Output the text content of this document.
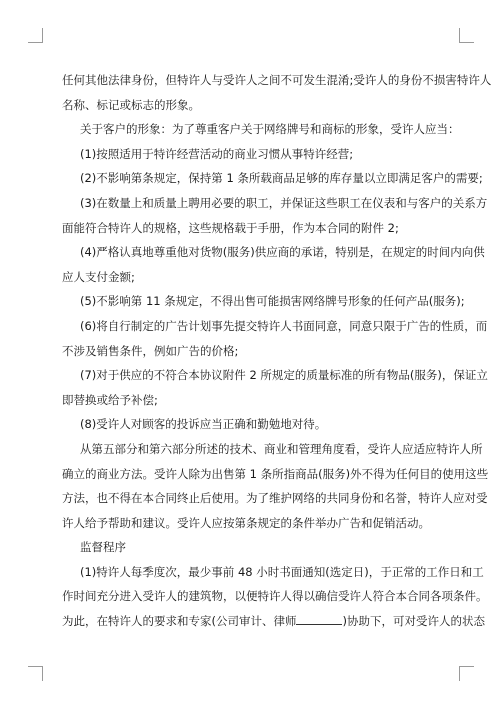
任何其他法律身份，但特许人与受许人之间不可发生混淆;受许人的身份不损害特许人
名称、标记或标志的形象。
关于客户的形象：为了尊重客户关于网络牌号和商标的形象，受许人应当：
(1)按照适用于特许经营活动的商业习惯从事特许经营;
(2)不影响第条规定，保持第 1 条所载商品足够的库存量以立即满足客户的需要;
(3)在数量上和质量上聘用必要的职工，并保证这些职工在仪表和与客户的关系方
面能符合特许人的规格，这些规格载于手册，作为本合同的附件 2;
(4)严格认真地尊重他对货物(服务)供应商的承诺，特别是，在规定的时间内向供
应人支付金额;
(5)不影响第 11 条规定，不得出售可能损害网络牌号形象的任何产品(服务);
(6)将自行制定的广告计划事先提交特许人书面同意，同意只限于广告的性质，而
不涉及销售条件，例如广告的价格;
(7)对于供应的不符合本协议附件 2 所规定的质量标准的所有物品(服务)，保证立
即替换或给予补偿;
(8)受许人对顾客的投诉应当正确和勤勉地对待。
从第五部分和第六部分所述的技术、商业和管理角度看，受许人应适应特许人所
确立的商业方法。受许人除为出售第 1 条所指商品(服务)外不得为任何目的使用这些
方法，也不得在本合同终止后使用。为了维护网络的共同身份和名誉，特许人应对受
许人给予帮助和建议。受许人应按第条规定的条件举办广告和促销活动。
监督程序
(1)特许人每季度次，最少事前 48 小时书面通知(选定日)，于正常的工作日和工
作时间充分进入受许人的建筑物，以便特许人得以确信受许人符合本合同各项条件。
为此，在特许人的要求和专家(公司审计、律师	)协助下，可对受许人的状态
